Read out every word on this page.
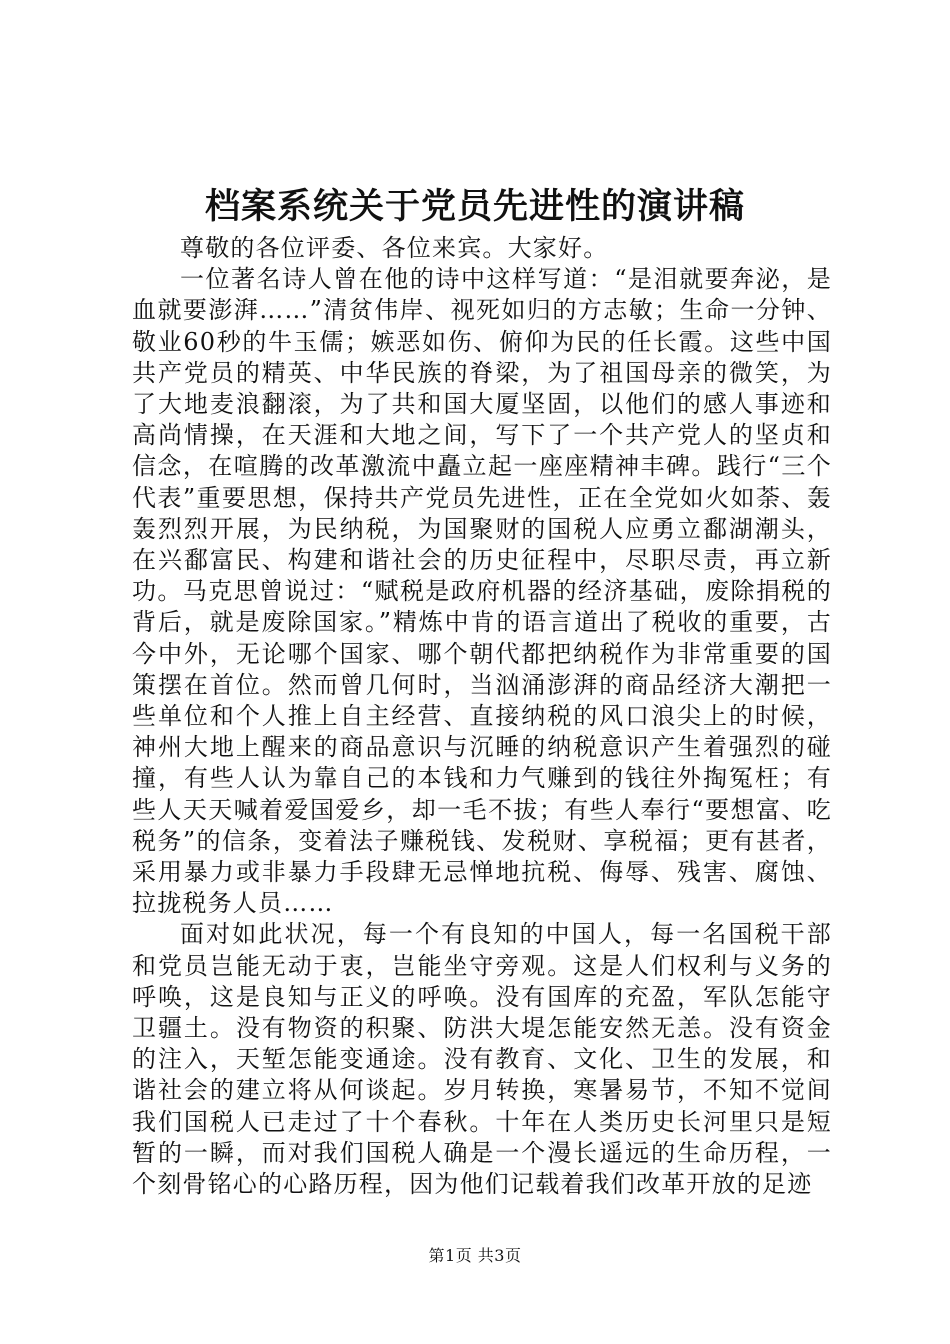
档案系统关于党员先进性的演讲稿

尊敬的各位评委、各位来宾。大家好。

一位著名诗人曾在他的诗中这样写道：“是泪就要奔泌，是血就要澎湃……”清贫伟岸、视死如归的方志敏；生命一分钟、敬业60秒的牛玉儒；嫉恶如伤、俯仰为民的任长霞。这些中国共产党员的精英、中华民族的脊梁，为了祖国母亲的微笑，为了大地麦浪翻滚，为了共和国大厦坚固，以他们的感人事迹和高尚情操，在天涯和大地之间，写下了一个共产党人的坚贞和信念，在喧腾的改革激流中矗立起一座座精神丰碑。践行“三个代表”重要思想，保持共产党员先进性，正在全党如火如荼、轰轰烈烈开展，为民纳税，为国聚财的国税人应勇立鄱湖潮头，在兴鄱富民、构建和谐社会的历史征程中，尽职尽责，再立新功。马克思曾说过：“赋税是政府机器的经济基础，废除捐税的背后，就是废除国家。”精炼中肯的语言道出了税收的重要，古今中外，无论哪个国家、哪个朝代都把纳税作为非常重要的国策摆在首位。然而曾几何时，当汹涌澎湃的商品经济大潮把一些单位和个人推上自主经营、直接纳税的风口浪尖上的时候，神州大地上醒来的商品意识与沉睡的纳税意识产生着强烈的碰撞，有些人认为靠自己的本钱和力气赚到的钱往外掏冤枉；有些人天天喊着爱国爱乡，却一毛不拔；有些人奉行“要想富、吃税务”的信条，变着法子赚税钱、发税财、享税福；更有甚者，采用暴力或非暴力手段肆无忌惮地抗税、侮辱、残害、腐蚀、拉拢税务人员……

面对如此状况，每一个有良知的中国人，每一名国税干部和党员岂能无动于衷，岂能坐守旁观。这是人们权利与义务的呼唤，这是良知与正义的呼唤。没有国库的充盈，军队怎能守卫疆土。没有物资的积聚、防洪大堤怎能安然无恙。没有资金的注入，天堑怎能变通途。没有教育、文化、卫生的发展，和谐社会的建立将从何谈起。岁月转换，寒暑易节，不知不觉间我们国税人已走过了十个春秋。十年在人类历史长河里只是短暂的一瞬，而对我们国税人确是一个漫长遥远的生命历程，一个刻骨铭心的心路历程，因为他们记载着我们改革开放的足迹

第1页 共3页
